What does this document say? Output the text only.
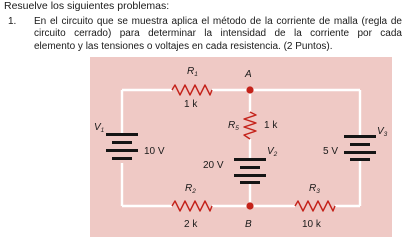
Resuelve los siguientes problemas:
1. En el circuito que se muestra aplica el método de la corriente de malla (regla de
circuito cerrado) para determinar la intensidad de la corriente por cada
elemento y las tensiones o voltajes en cada resistencia. (2 Puntos).
$R_1$
1 k
A
$R_5$	1 k
$V_1$
10 V	$V_2$
20 V
5 V
$V_3$
$R_2$
2 k	B
$R_3$
10 k
